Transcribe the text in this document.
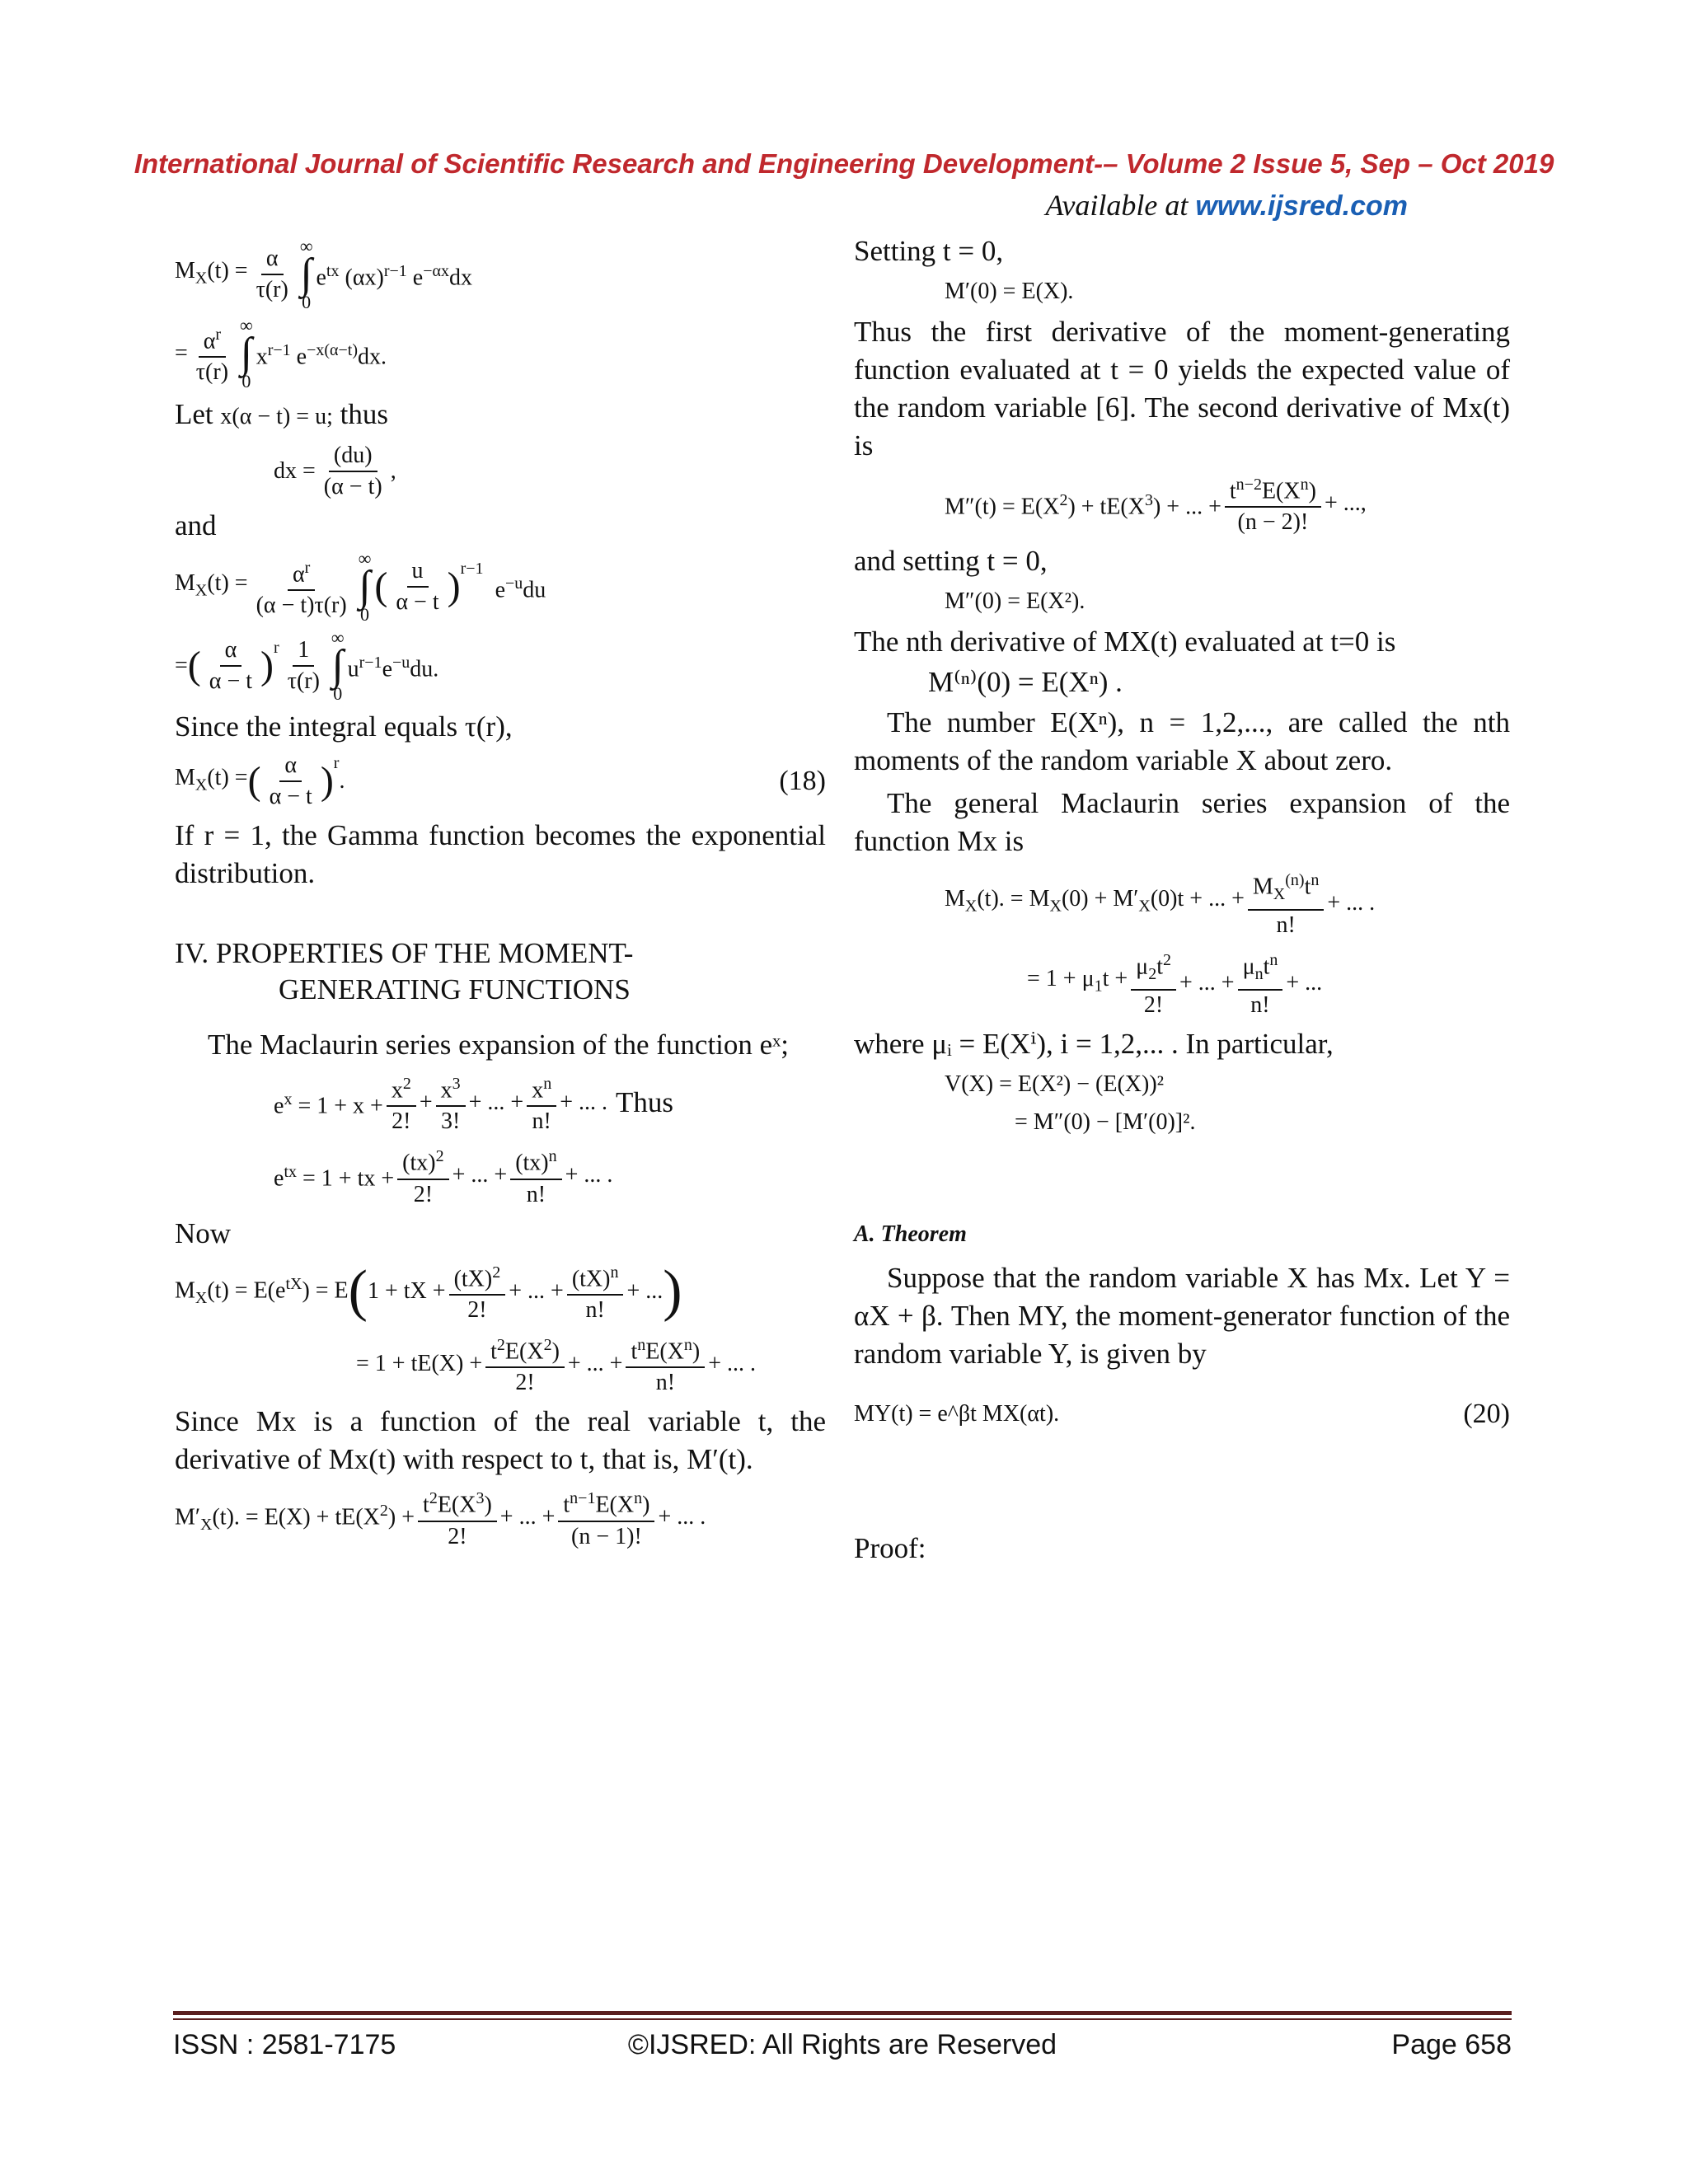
International Journal of Scientific Research and Engineering Development-– Volume 2 Issue 5, Sep – Oct 2019
Available at www.ijsred.com
$M_X(t) = \frac{\alpha}{\tau(r)}$ ∞
∫
0
$e^{tx}$ $(\alpha x)^{r-1}$ $e^{-\alpha x}dx$
= $\frac{\alpha^r}{\tau(r)}$ ∞
∫
0
$x^{r-1}$ $e^{-x(\alpha-t)}dx$.

Let x(α − t) = u; thus

dx = $\frac{(du)}{(\alpha - t)}$ ,

and

$M_X(t) = \frac{\alpha^r}{(\alpha - t)\tau(r)}$ ∞
∫
0
( $\frac{u}{\alpha - t} )^{r-1}$
$e^{-u}du$
= ( $\frac{\alpha}{\alpha - t} )^r \frac{1}{\tau(r)}$ ∞
∫
0
$u^{r-1}e^{-u}du$.

Since the integral equals τ(r),

$M_X(t)$ = ( $\frac{\alpha}{\alpha - t} )^r$
.	(18)

If r = 1, the Gamma function becomes the exponential distribution.

IV. PROPERTIES OF THE MOMENT-
GENERATING FUNCTIONS

The Maclaurin series expansion of the function eˣ;

$e^x = 1 + x + \frac{x^2}{2!} + \frac{x^3}{3!}$ + ... + $\frac{x^n}{n!}$ + ... . Thus
$e^{tx} = 1$ + tx + $\frac{(tx)^2}{2!}$ + ... + $\frac{(tx)^n}{n!}$ + ... .

Now

$M_X(t) = E(e^{tX}) = E$ ( 1 + tX + $\frac{(tX)^2}{2!}$ + ... + $\frac{(tX)^n}{n!}$ + ... )
= $1 + tE(X) + \frac{t^2E(X^2)}{2!}$ + ... + $\frac{t^nE(X^n)}{n!}$ + ... .

Since Mx is a function of the real variable t, the derivative of Mx(t) with respect to t, that is, M′(t).

$M'_X(t)$. = $E(X) + tE(X^2) + \frac{t^2E(X^3)}{2!}$ + ... + $\frac{t^{n-1}E(X^n)}{(n - 1)!}$ + ... .

Setting t = 0,

M′(0) = E(X).

Thus the first derivative of the moment-generating function evaluated at t = 0 yields the expected value of the random variable [6]. The second derivative of Mx(t) is

$M''(t) = E(X^2) + tE(X^3)$ + ... + $\frac{t^{n-2}E(X^n)}{(n - 2)!}$ + ...,

and setting t = 0,

M″(0) = E(X²).

The nth derivative of MX(t) evaluated at t=0 is

M⁽ⁿ⁾(0) = E(Xⁿ) .

The number E(Xⁿ), n = 1,2,..., are called the nth moments of the random variable X about zero.

The general Maclaurin series expansion of the function Mx is

$M_X(t)$. = $M_X(0) + M'_X(0)t$ + ... + $\frac{M_X^{(n)}t^n}{n!}$ + ... .
= $1 + \mu_1t + \frac{\mu_2t^2}{2!}$ + ... + $\frac{\mu_nt^n}{n!}$ + ...

where μᵢ = E(Xⁱ), i = 1,2,... . In particular,

V(X) = E(X²) − (E(X))²
= M″(0) − [M′(0)]².
A. Theorem

Suppose that the random variable X has Mx. Let Y = αX + β. Then MY, the moment-generator function of the random variable Y, is given by

MY(t) = e^βt MX(αt).	(20)

Proof:

ISSN : 2581-7175	©IJSRED: All Rights are Reserved	Page 658
